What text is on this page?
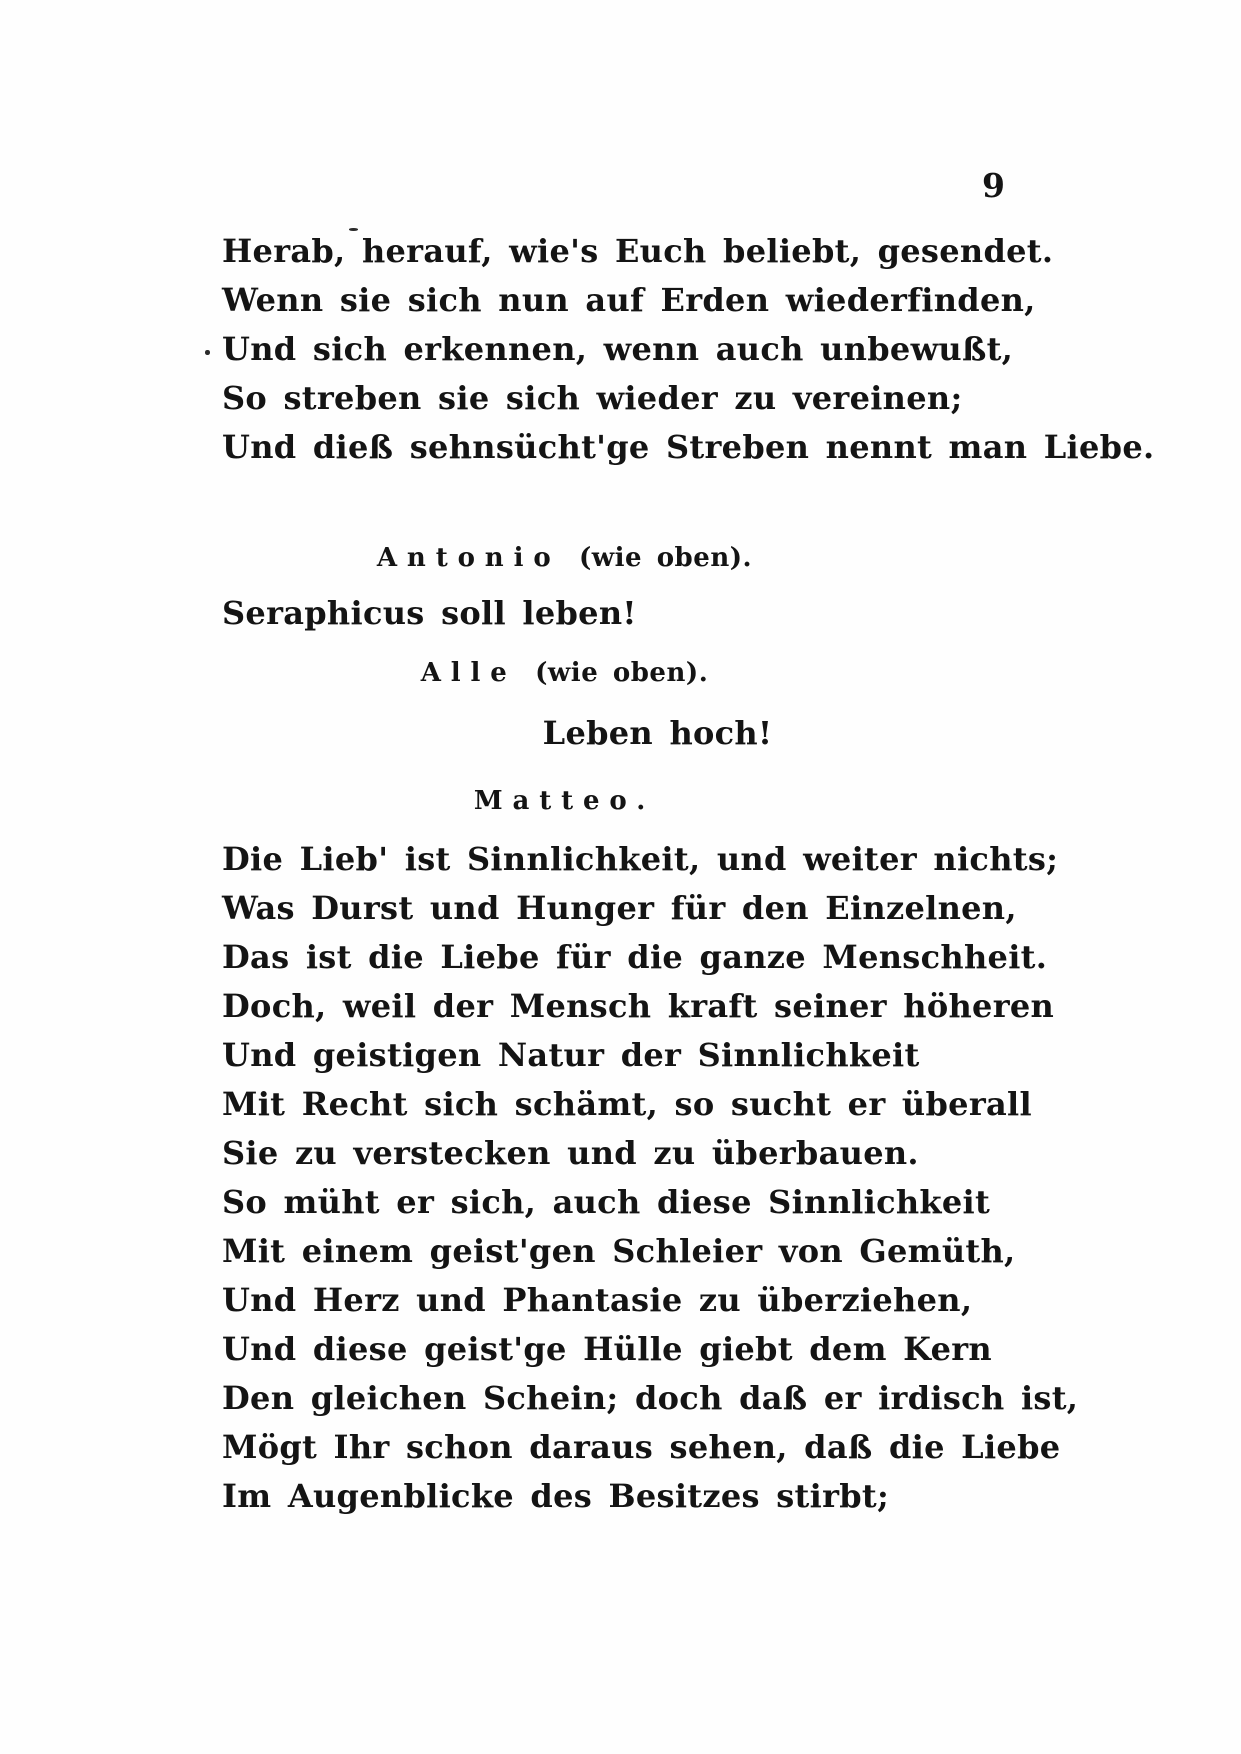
9
Herab, herauf, wie's Euch beliebt, gesendet.
Wenn sie sich nun auf Erden wiederfinden,
Und sich erkennen, wenn auch unbewußt,
So streben sie sich wieder zu vereinen;
Und dieß sehnsücht'ge Streben nennt man Liebe.
Antonio (wie oben).
Seraphicus soll leben!
Alle (wie oben).
Leben hoch!
Matteo.
Die Lieb' ist Sinnlichkeit, und weiter nichts;
Was Durst und Hunger für den Einzelnen,
Das ist die Liebe für die ganze Menschheit.
Doch, weil der Mensch kraft seiner höheren
Und geistigen Natur der Sinnlichkeit
Mit Recht sich schämt, so sucht er überall
Sie zu verstecken und zu überbauen.
So müht er sich, auch diese Sinnlichkeit
Mit einem geist'gen Schleier von Gemüth,
Und Herz und Phantasie zu überziehen,
Und diese geist'ge Hülle giebt dem Kern
Den gleichen Schein; doch daß er irdisch ist,
Mögt Ihr schon daraus sehen, daß die Liebe
Im Augenblicke des Besitzes stirbt;
